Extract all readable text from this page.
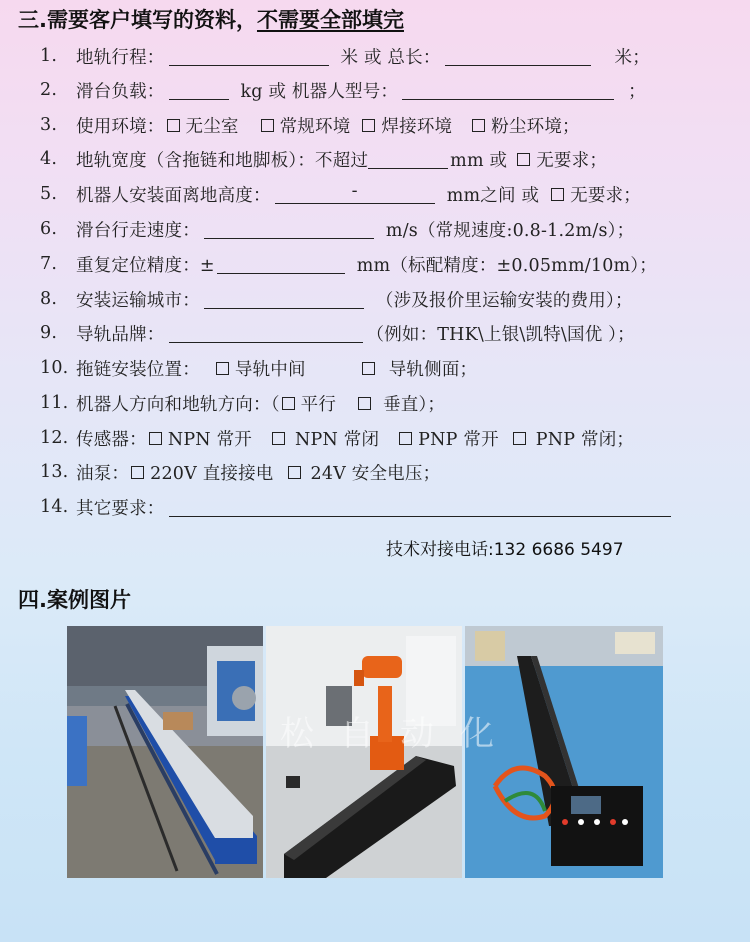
三.需要客户填写的资料，不需要全部填完
1.	地轨行程：	米 或 总长：	米；
2.	滑台负载：	kg 或 机器人型号：	；
3.	使用环境： 无尘室 常规环境 焊接环境 粉尘环境；
4.	地轨宽度（含拖链和地脚板）：不超过	mm 或 无要求；
5.	机器人安装面离地高度：	-	mm之间 或 无要求；
6.	滑台行走速度：	m/s（常规速度:0.8-1.2m/s）；
7.	重复定位精度：±	mm（标配精度：±0.05mm/10m）；
8.	安装运输城市：	（涉及报价里运输安装的费用）；
9.	导轨品牌：	（例如：THK\上银\凯特\国优 ）；
10. 拖链安装位置： 导轨中间	导轨侧面；
11. 机器人方向和地轨方向：（ 平行	垂直）；
12. 传感器： NPN 常开 NPN 常闭 PNP 常开 PNP 常闭；
13. 油泵： 220V 直接接电 24V 安全电压；
14. 其它要求：
技术对接电话:132 6686 5497
四.案例图片
松自动化
